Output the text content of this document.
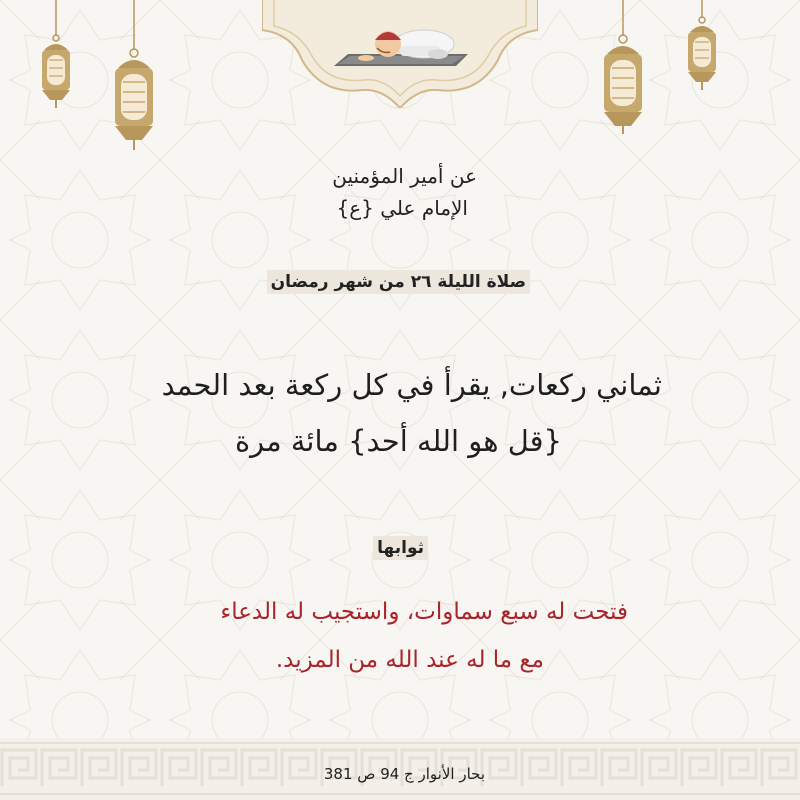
عن أمير المؤمنين

الإمام علي {ع}

صلاة الليلة ٢٦ من شهر رمضان

ثماني ركعات, يقرأ في كل ركعة بعد الحمد

{قل هو الله أحد} مائة مرة

ثوابها

فتحت له سبع سماوات، واستجيب له الدعاء

مع ما له عند الله من المزيد.

بحار الأنوار ج 94 ص 381
